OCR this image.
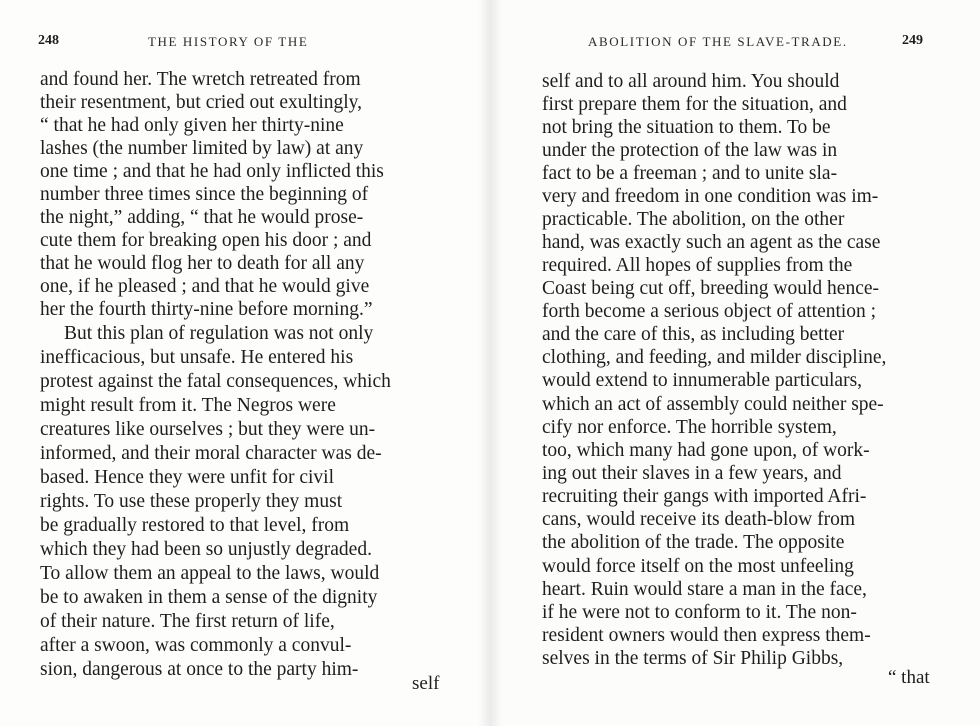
248	THE HISTORY OF THE	ABOLITION OF THE SLAVE-TRADE.	249
and found her. The wretch retreated from
their resentment, but cried out exultingly,
“ that he had only given her thirty-nine
lashes (the number limited by law) at any
one time ; and that he had only inflicted this
number three times since the beginning of
the night,” adding, “ that he would prose-
cute them for breaking open his door ; and
that he would flog her to death for all any
one, if he pleased ; and that he would give
her the fourth thirty-nine before morning.”
But this plan of regulation was not only
inefficacious, but unsafe. He entered his
protest against the fatal consequences, which
might result from it. The Negros were
creatures like ourselves ; but they were un-
informed, and their moral character was de-
based. Hence they were unfit for civil
rights. To use these properly they must
be gradually restored to that level, from
which they had been so unjustly degraded.
To allow them an appeal to the laws, would
be to awaken in them a sense of the dignity
of their nature. The first return of life,
after a swoon, was commonly a convul-
sion, dangerous at once to the party him-
self
self and to all around him. You should
first prepare them for the situation, and
not bring the situation to them. To be
under the protection of the law was in
fact to be a freeman ; and to unite sla-
very and freedom in one condition was im-
practicable. The abolition, on the other
hand, was exactly such an agent as the case
required. All hopes of supplies from the
Coast being cut off, breeding would hence-
forth become a serious object of attention ;
and the care of this, as including better
clothing, and feeding, and milder discipline,
would extend to innumerable particulars,
which an act of assembly could neither spe-
cify nor enforce. The horrible system,
too, which many had gone upon, of work-
ing out their slaves in a few years, and
recruiting their gangs with imported Afri-
cans, would receive its death-blow from
the abolition of the trade. The opposite
would force itself on the most unfeeling
heart. Ruin would stare a man in the face,
if he were not to conform to it. The non-
resident owners would then express them-
selves in the terms of Sir Philip Gibbs,
“ that
